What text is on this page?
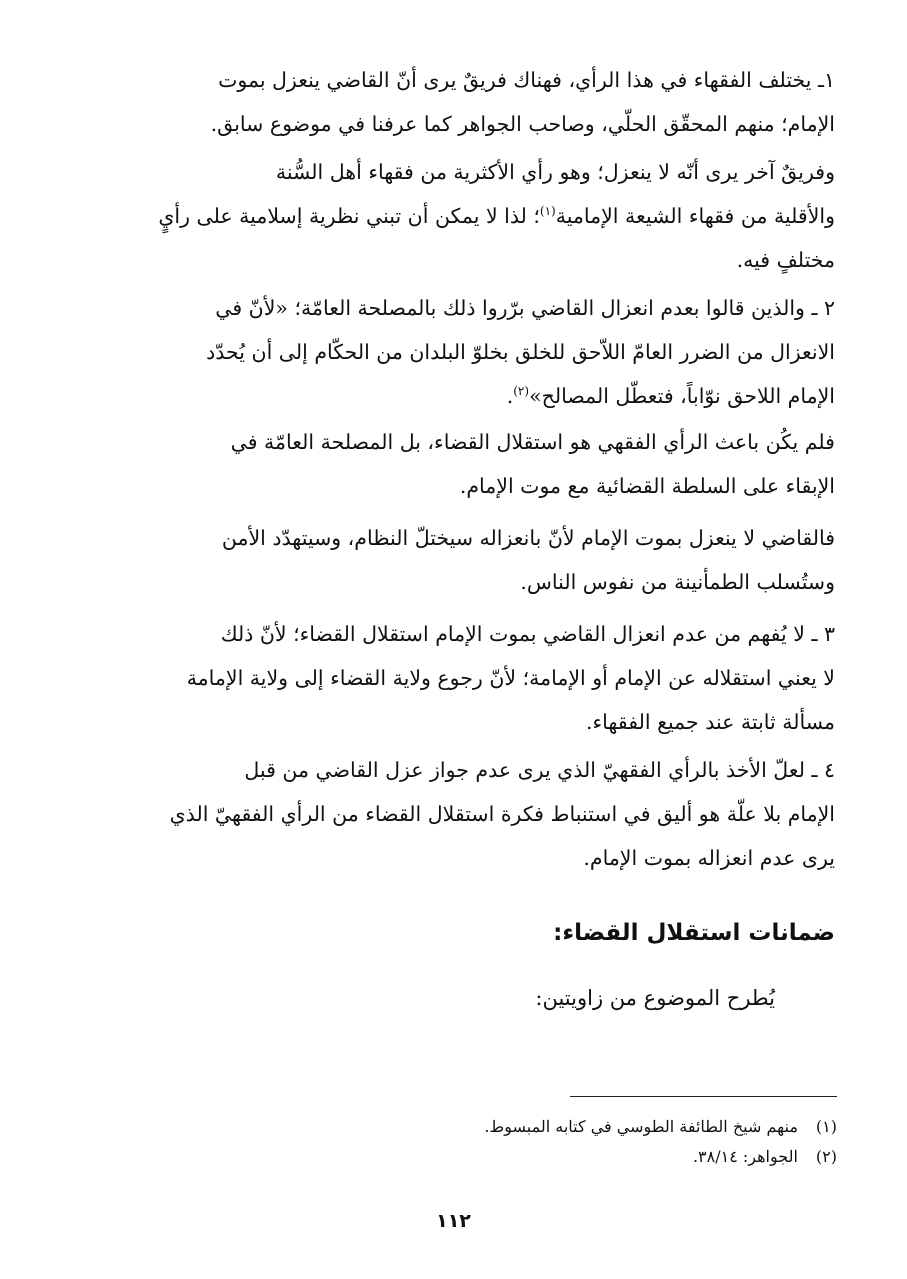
١ـ يختلف الفقهاء في هذا الرأي، فهناك فريقٌ يرى أنّ القاضي ينعزل بموت
الإمام؛ منهم المحقّق الحلّي، وصاحب الجواهر كما عرفنا في موضوع سابق.

وفريقٌ آخر يرى أنّه لا ينعزل؛ وهو رأي الأكثرية من فقهاء أهل السُّنة
والأقلية من فقهاء الشيعة الإمامية$^{(١)}$؛ لذا لا يمكن أن تبني نظرية إسلامية على رأيٍ
مختلفٍ فيه.

٢ ـ والذين قالوا بعدم انعزال القاضي برّروا ذلك بالمصلحة العامّة؛ «لأنّ في
الانعزال من الضرر العامّ اللاّحق للخلق بخلوّ البلدان من الحكّام إلى أن يُحدّد
الإمام اللاحق نوّاباً، فتعطّل المصالح»$^{(٢)}$.

فلم يكُن باعث الرأي الفقهي هو استقلال القضاء، بل المصلحة العامّة في
الإبقاء على السلطة القضائية مع موت الإمام.

فالقاضي لا ينعزل بموت الإمام لأنّ بانعزاله سيختلّ النظام، وسيتهدّد الأمن
وستُسلب الطمأنينة من نفوس الناس.

٣ ـ لا يُفهم من عدم انعزال القاضي بموت الإمام استقلال القضاء؛ لأنّ ذلك
لا يعني استقلاله عن الإمام أو الإمامة؛ لأنّ رجوع ولاية القضاء إلى ولاية الإمامة
مسألة ثابتة عند جميع الفقهاء.

٤ ـ لعلّ الأخذ بالرأي الفقهيّ الذي يرى عدم جواز عزل القاضي من قبل
الإمام بلا علّة هو أليق في استنباط فكرة استقلال القضاء من الرأي الفقهيّ الذي
يرى عدم انعزاله بموت الإمام.

ضمانات استقلال القضاء:

يُطرح الموضوع من زاويتين:

(١)منهم شيخ الطائفة الطوسي في كتابه المبسوط.
(٢)الجواهر: ٣٨/١٤.
١١٢
